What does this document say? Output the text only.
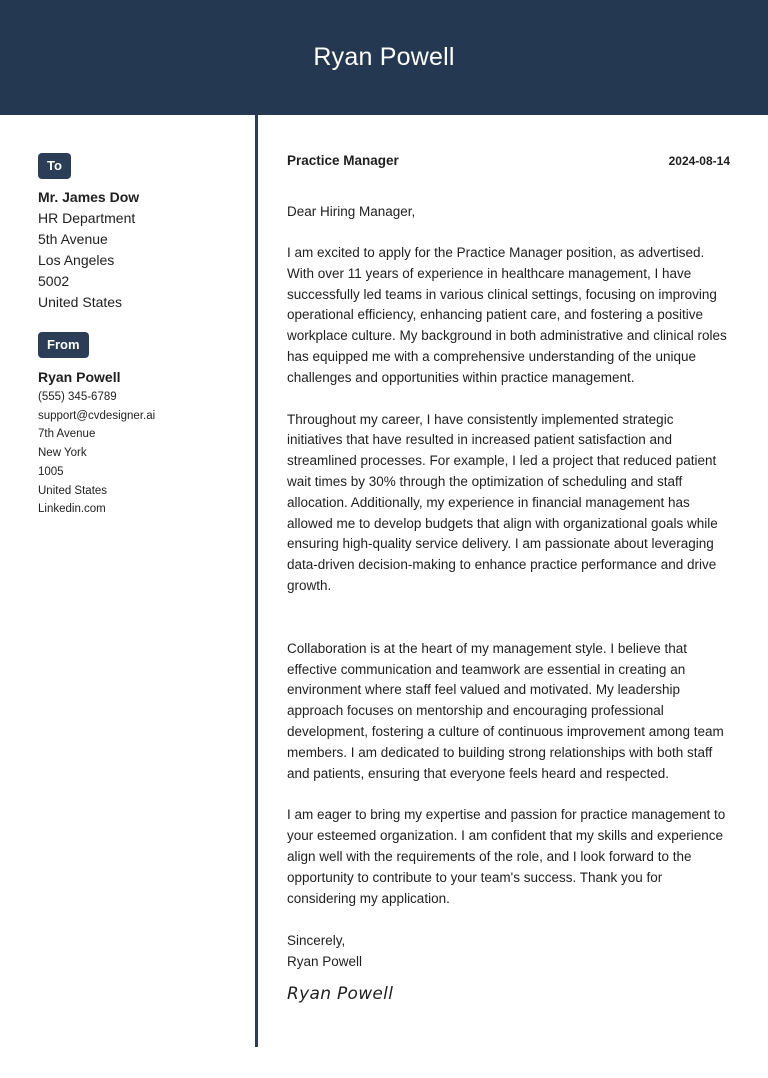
Ryan Powell
To
Mr. James Dow
HR Department
5th Avenue
Los Angeles
5002
United States
From
Ryan Powell
(555) 345-6789
support@cvdesigner.ai
7th Avenue
New York
1005
United States
Linkedin.com
Practice Manager	2024-08-14

Dear Hiring Manager,

I am excited to apply for the Practice Manager position, as advertised. With over 11 years of experience in healthcare management, I have successfully led teams in various clinical settings, focusing on improving operational efficiency, enhancing patient care, and fostering a positive workplace culture. My background in both administrative and clinical roles has equipped me with a comprehensive understanding of the unique challenges and opportunities within practice management.

Throughout my career, I have consistently implemented strategic initiatives that have resulted in increased patient satisfaction and streamlined processes. For example, I led a project that reduced patient wait times by 30% through the optimization of scheduling and staff allocation. Additionally, my experience in financial management has allowed me to develop budgets that align with organizational goals while ensuring high-quality service delivery. I am passionate about leveraging data-driven decision-making to enhance practice performance and drive growth.

Collaboration is at the heart of my management style. I believe that effective communication and teamwork are essential in creating an environment where staff feel valued and motivated. My leadership approach focuses on mentorship and encouraging professional development, fostering a culture of continuous improvement among team members. I am dedicated to building strong relationships with both staff and patients, ensuring that everyone feels heard and respected.

I am eager to bring my expertise and passion for practice management to your esteemed organization. I am confident that my skills and experience align well with the requirements of the role, and I look forward to the opportunity to contribute to your team's success. Thank you for considering my application.

Sincerely,
Ryan Powell
Ryan Powell
